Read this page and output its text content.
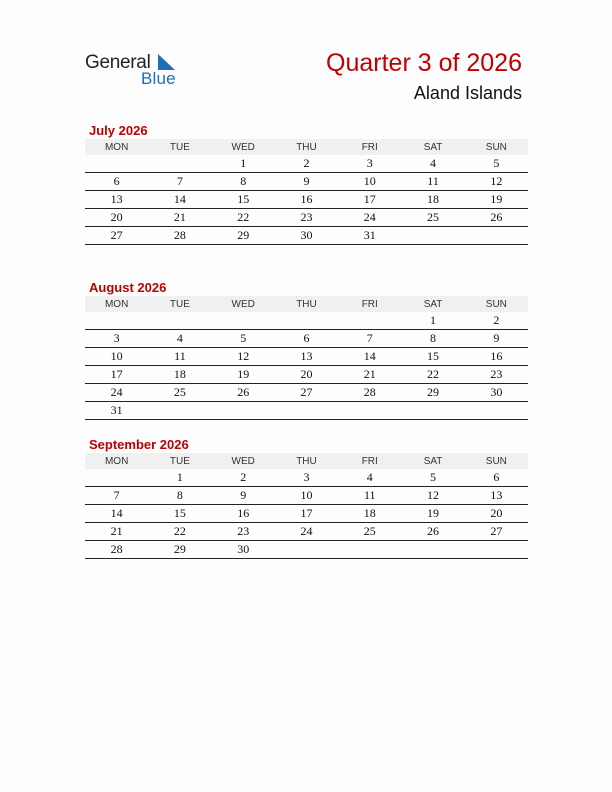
General
Blue
Quarter 3 of 2026
Aland Islands
July 2026
MON	TUE	WED	THU	FRI	SAT	SUN
		1	2	3	4	5
6	7	8	9	10	11	12
13	14	15	16	17	18	19
20	21	22	23	24	25	26
27	28	29	30	31		
August 2026
MON	TUE	WED	THU	FRI	SAT	SUN
					1	2
3	4	5	6	7	8	9
10	11	12	13	14	15	16
17	18	19	20	21	22	23
24	25	26	27	28	29	30
31						
September 2026
MON	TUE	WED	THU	FRI	SAT	SUN
	1	2	3	4	5	6
7	8	9	10	11	12	13
14	15	16	17	18	19	20
21	22	23	24	25	26	27
28	29	30				
